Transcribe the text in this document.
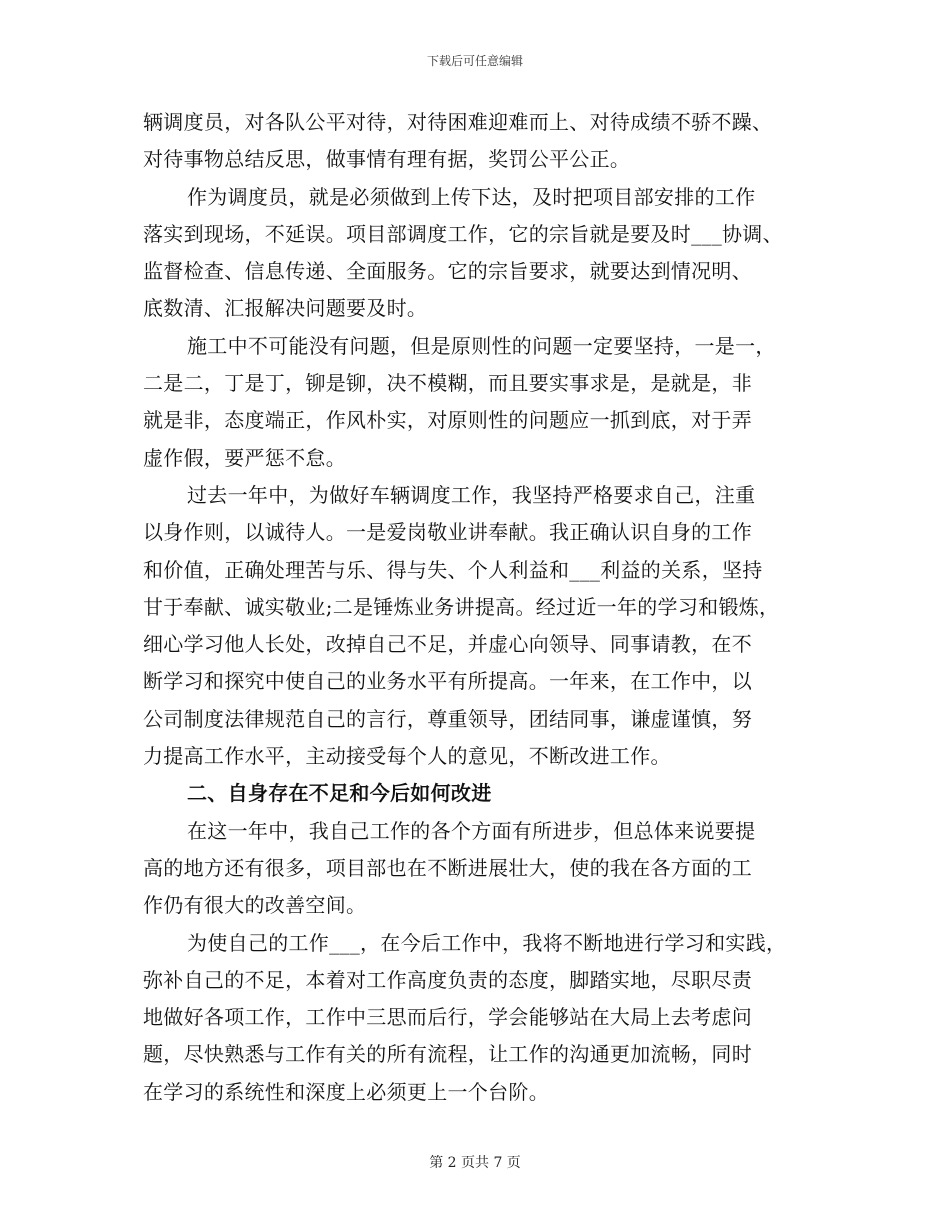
下载后可任意编辑
辆调度员，对各队公平对待，对待困难迎难而上、对待成绩不骄不躁、
对待事物总结反思，做事情有理有据，奖罚公平公正。
作为调度员，就是必须做到上传下达，及时把项目部安排的工作
落实到现场，不延误。项目部调度工作，它的宗旨就是要及时___协调、
监督检查、信息传递、全面服务。它的宗旨要求，就要达到情况明、
底数清、汇报解决问题要及时。
施工中不可能没有问题，但是原则性的问题一定要坚持，一是一，
二是二，丁是丁，铆是铆，决不模糊，而且要实事求是，是就是，非
就是非，态度端正，作风朴实，对原则性的问题应一抓到底，对于弄
虚作假，要严惩不怠。
过去一年中，为做好车辆调度工作，我坚持严格要求自己，注重
以身作则，以诚待人。一是爱岗敬业讲奉献。我正确认识自身的工作
和价值，正确处理苦与乐、得与失、个人利益和___利益的关系，坚持
甘于奉献、诚实敬业;二是锤炼业务讲提高。经过近一年的学习和锻炼，
细心学习他人长处，改掉自己不足，并虚心向领导、同事请教，在不
断学习和探究中使自己的业务水平有所提高。一年来，在工作中，以
公司制度法律规范自己的言行，尊重领导，团结同事，谦虚谨慎，努
力提高工作水平，主动接受每个人的意见，不断改进工作。
二、自身存在不足和今后如何改进
在这一年中，我自己工作的各个方面有所进步，但总体来说要提
高的地方还有很多，项目部也在不断进展壮大，使的我在各方面的工
作仍有很大的改善空间。
为使自己的工作___，在今后工作中，我将不断地进行学习和实践，
弥补自己的不足，本着对工作高度负责的态度，脚踏实地，尽职尽责
地做好各项工作，工作中三思而后行，学会能够站在大局上去考虑问
题，尽快熟悉与工作有关的所有流程，让工作的沟通更加流畅，同时
在学习的系统性和深度上必须更上一个台阶。
第 2 页共 7 页
